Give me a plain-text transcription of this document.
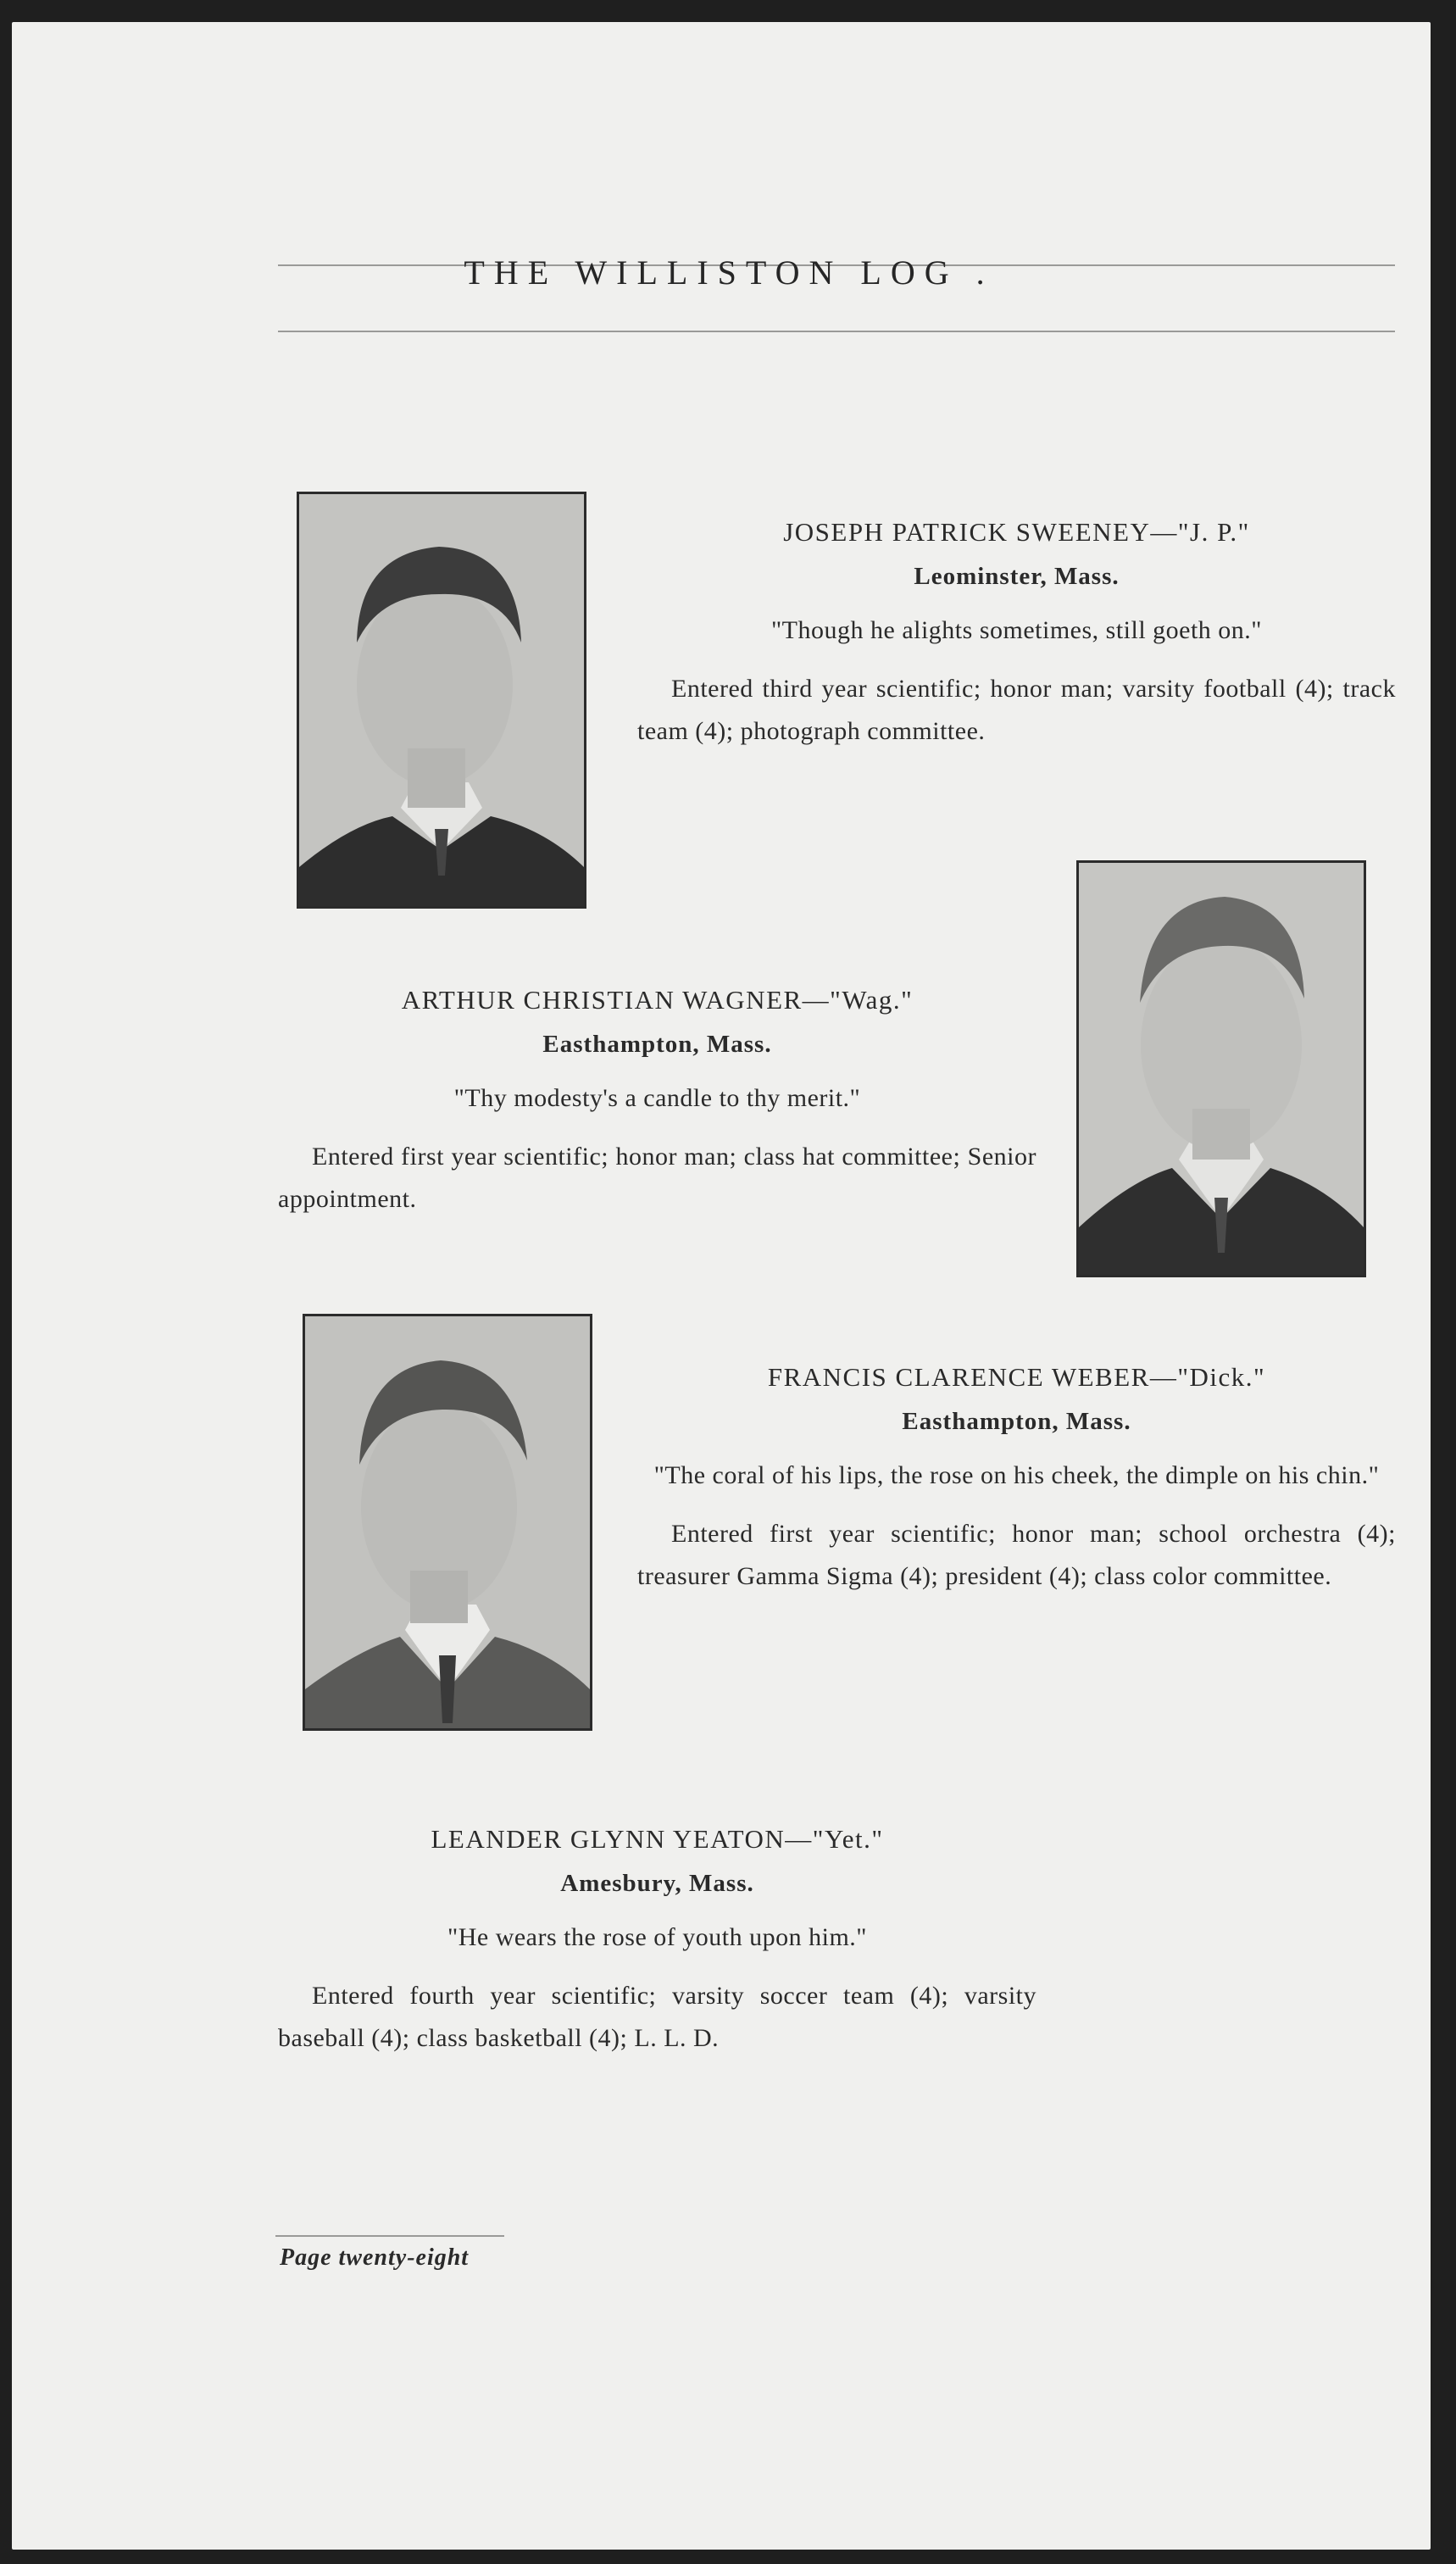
THE WILLISTON LOG .
JOSEPH PATRICK SWEENEY—"J. P."
Leominster, Mass.
"Though he alights sometimes, still goeth on."
Entered third year scientific; honor man; varsity football (4); track team (4); photograph committee.
ARTHUR CHRISTIAN WAGNER—"Wag."
Easthampton, Mass.
"Thy modesty's a candle to thy merit."
Entered first year scientific; honor man; class hat committee; Senior appointment.
FRANCIS CLARENCE WEBER—"Dick."
Easthampton, Mass.
"The coral of his lips, the rose on his cheek, the dimple on his chin."
Entered first year scientific; honor man; school orchestra (4); treasurer Gamma Sigma (4); president (4); class color committee.
LEANDER GLYNN YEATON—"Yet."
Amesbury, Mass.
"He wears the rose of youth upon him."
Entered fourth year scientific; varsity soccer team (4); varsity baseball (4); class basketball (4); L. L. D.
Page twenty-eight
